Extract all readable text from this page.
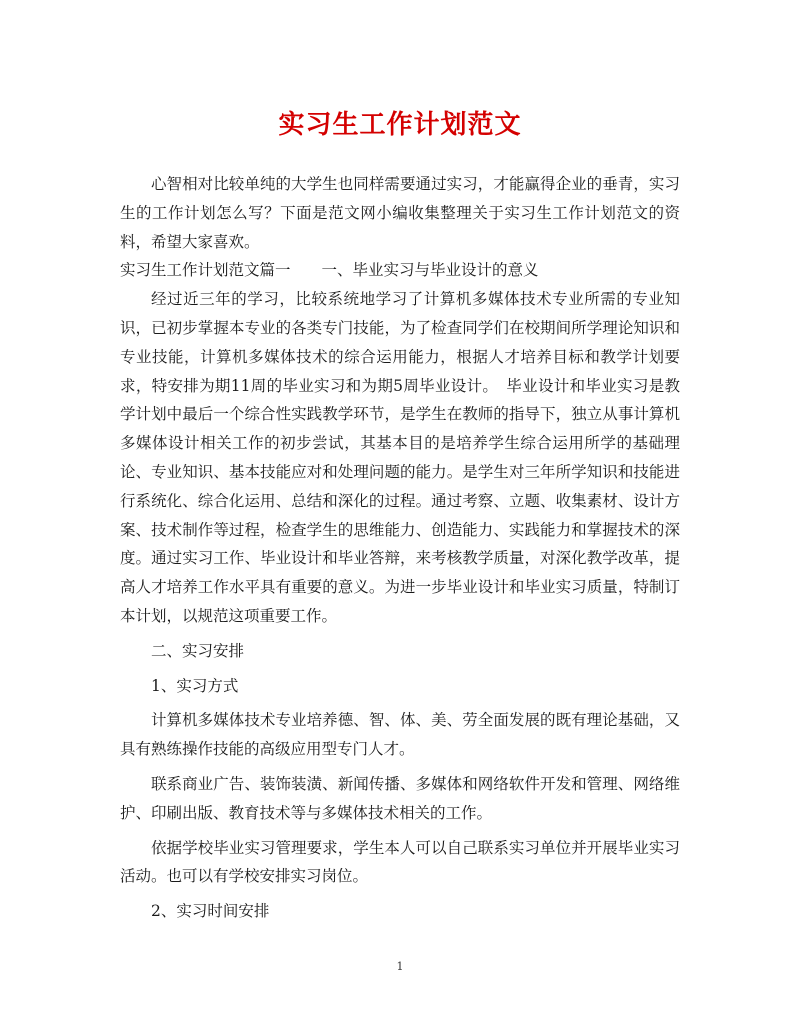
实习生工作计划范文

心智相对比较单纯的大学生也同样需要通过实习，才能赢得企业的垂青，实习生的工作计划怎么写？下面是范文网小编收集整理关于实习生工作计划范文的资料，希望大家喜欢。

实习生工作计划范文篇一　　一、毕业实习与毕业设计的意义

经过近三年的学习，比较系统地学习了计算机多媒体技术专业所需的专业知识，已初步掌握本专业的各类专门技能，为了检查同学们在校期间所学理论知识和专业技能，计算机多媒体技术的综合运用能力，根据人才培养目标和教学计划要求，特安排为期11周的毕业实习和为期5周毕业设计。　毕业设计和毕业实习是教学计划中最后一个综合性实践教学环节，是学生在教师的指导下，独立从事计算机多媒体设计相关工作的初步尝试，其基本目的是培养学生综合运用所学的基础理论、专业知识、基本技能应对和处理问题的能力。是学生对三年所学知识和技能进行系统化、综合化运用、总结和深化的过程。通过考察、立题、收集素材、设计方案、技术制作等过程，检查学生的思维能力、创造能力、实践能力和掌握技术的深度。通过实习工作、毕业设计和毕业答辩，来考核教学质量，对深化教学改革，提高人才培养工作水平具有重要的意义。为进一步毕业设计和毕业实习质量，特制订本计划，以规范这项重要工作。

二、实习安排

1、实习方式

计算机多媒体技术专业培养德、智、体、美、劳全面发展的既有理论基础，又具有熟练操作技能的高级应用型专门人才。

联系商业广告、装饰装潢、新闻传播、多媒体和网络软件开发和管理、网络维护、印刷出版、教育技术等与多媒体技术相关的工作。

依据学校毕业实习管理要求，学生本人可以自己联系实习单位并开展毕业实习活动。也可以有学校安排实习岗位。

2、实习时间安排

1
